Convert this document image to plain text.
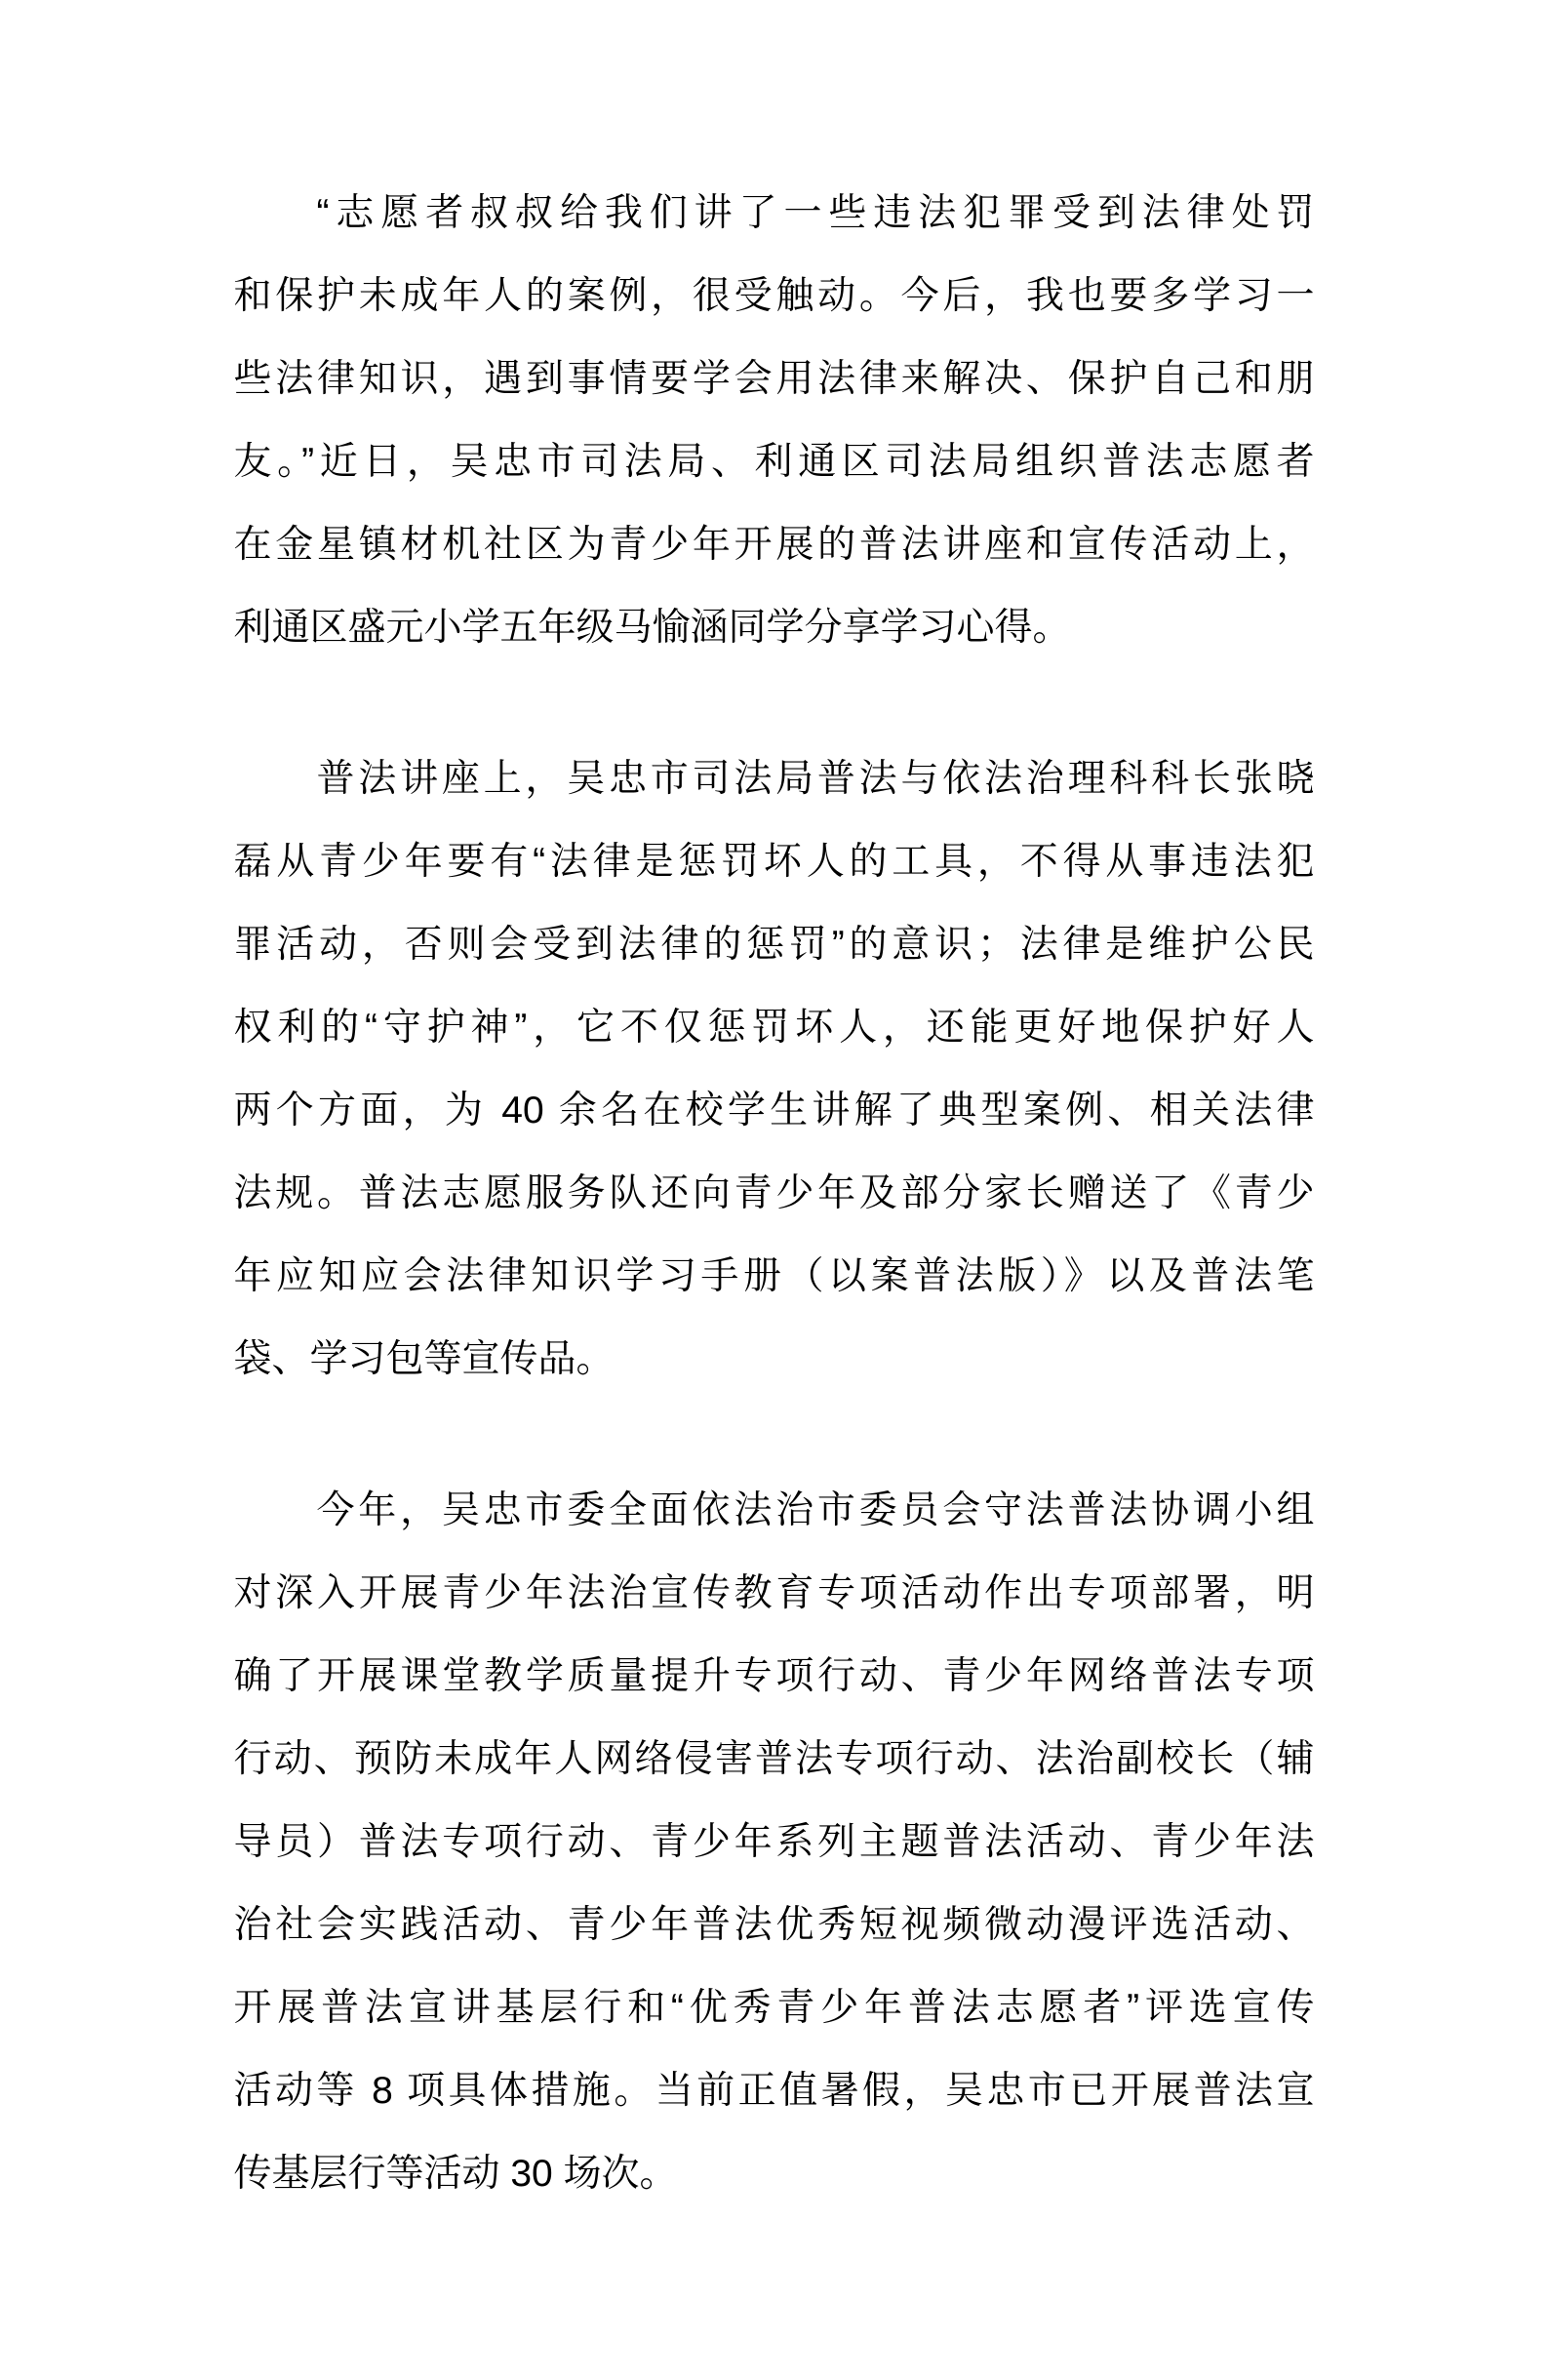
“志愿者叔叔给我们讲了一些违法犯罪受到法律处罚
和保护未成年人的案例，很受触动。今后，我也要多学习一
些法律知识，遇到事情要学会用法律来解决、保护自己和朋
友。”近日，吴忠市司法局、利通区司法局组织普法志愿者
在金星镇材机社区为青少年开展的普法讲座和宣传活动上，
利通区盛元小学五年级马愉涵同学分享学习心得。
普法讲座上，吴忠市司法局普法与依法治理科科长张晓
磊从青少年要有“法律是惩罚坏人的工具，不得从事违法犯
罪活动，否则会受到法律的惩罚”的意识；法律是维护公民
权利的“守护神”，它不仅惩罚坏人，还能更好地保护好人
两个方面，为 40 余名在校学生讲解了典型案例、相关法律
法规。普法志愿服务队还向青少年及部分家长赠送了《青少
年应知应会法律知识学习手册（以案普法版）》以及普法笔
袋、学习包等宣传品。
今年，吴忠市委全面依法治市委员会守法普法协调小组
对深入开展青少年法治宣传教育专项活动作出专项部署，明
确了开展课堂教学质量提升专项行动、青少年网络普法专项
行动、预防未成年人网络侵害普法专项行动、法治副校长（辅
导员）普法专项行动、青少年系列主题普法活动、青少年法
治社会实践活动、青少年普法优秀短视频微动漫评选活动、
开展普法宣讲基层行和“优秀青少年普法志愿者”评选宣传
活动等 8 项具体措施。当前正值暑假，吴忠市已开展普法宣
传基层行等活动 30 场次。
